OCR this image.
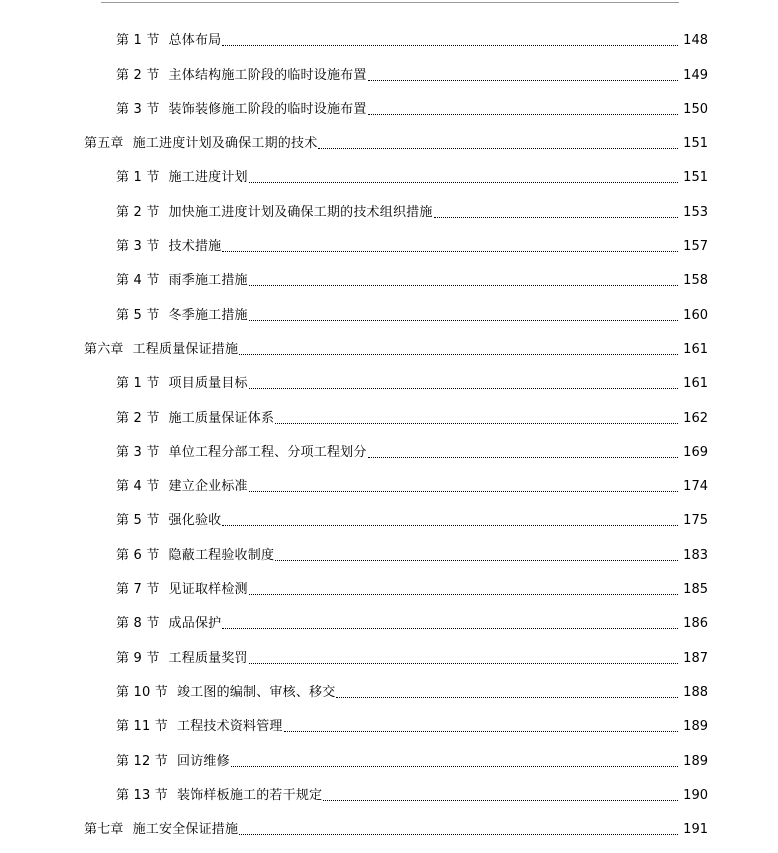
第 1 节 总体布局	148
第 2 节 主体结构施工阶段的临时设施布置	149
第 3 节 装饰装修施工阶段的临时设施布置	150
第五章 施工进度计划及确保工期的技术	151
第 1 节 施工进度计划	151
第 2 节 加快施工进度计划及确保工期的技术组织措施	153
第 3 节 技术措施	157
第 4 节 雨季施工措施	158
第 5 节 冬季施工措施	160
第六章 工程质量保证措施	161
第 1 节 项目质量目标	161
第 2 节 施工质量保证体系	162
第 3 节 单位工程分部工程、分项工程划分	169
第 4 节 建立企业标准	174
第 5 节 强化验收	175
第 6 节 隐蔽工程验收制度	183
第 7 节 见证取样检测	185
第 8 节 成品保护	186
第 9 节 工程质量奖罚	187
第 10 节 竣工图的编制、审核、移交	188
第 11 节 工程技术资料管理	189
第 12 节 回访维修	189
第 13 节 装饰样板施工的若干规定	190
第七章 施工安全保证措施	191
